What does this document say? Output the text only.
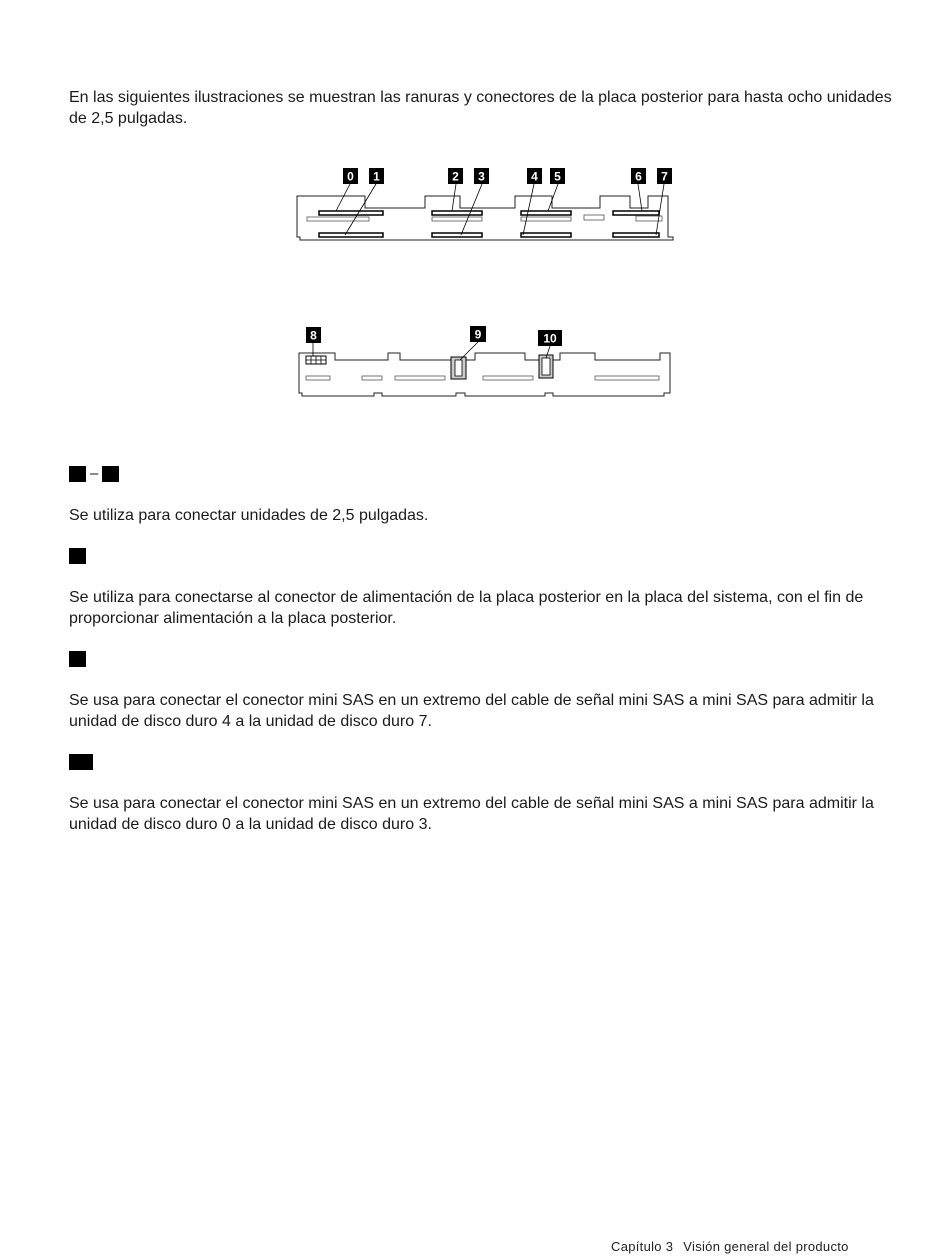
En las siguientes ilustraciones se muestran las ranuras y conectores de la placa posterior para hasta ocho unidades de 2,5 pulgadas.

0 1	2 3	4 5	6 7
8	9	10
–

Se utiliza para conectar unidades de 2,5 pulgadas.

Se utiliza para conectarse al conector de alimentación de la placa posterior en la placa del sistema, con el fin de proporcionar alimentación a la placa posterior.

Se usa para conectar el conector mini SAS en un extremo del cable de señal mini SAS a mini SAS para admitir la unidad de disco duro 4 a la unidad de disco duro 7.

Se usa para conectar el conector mini SAS en un extremo del cable de señal mini SAS a mini SAS para admitir la unidad de disco duro 0 a la unidad de disco duro 3.

Capítulo 3 Visión general del producto
